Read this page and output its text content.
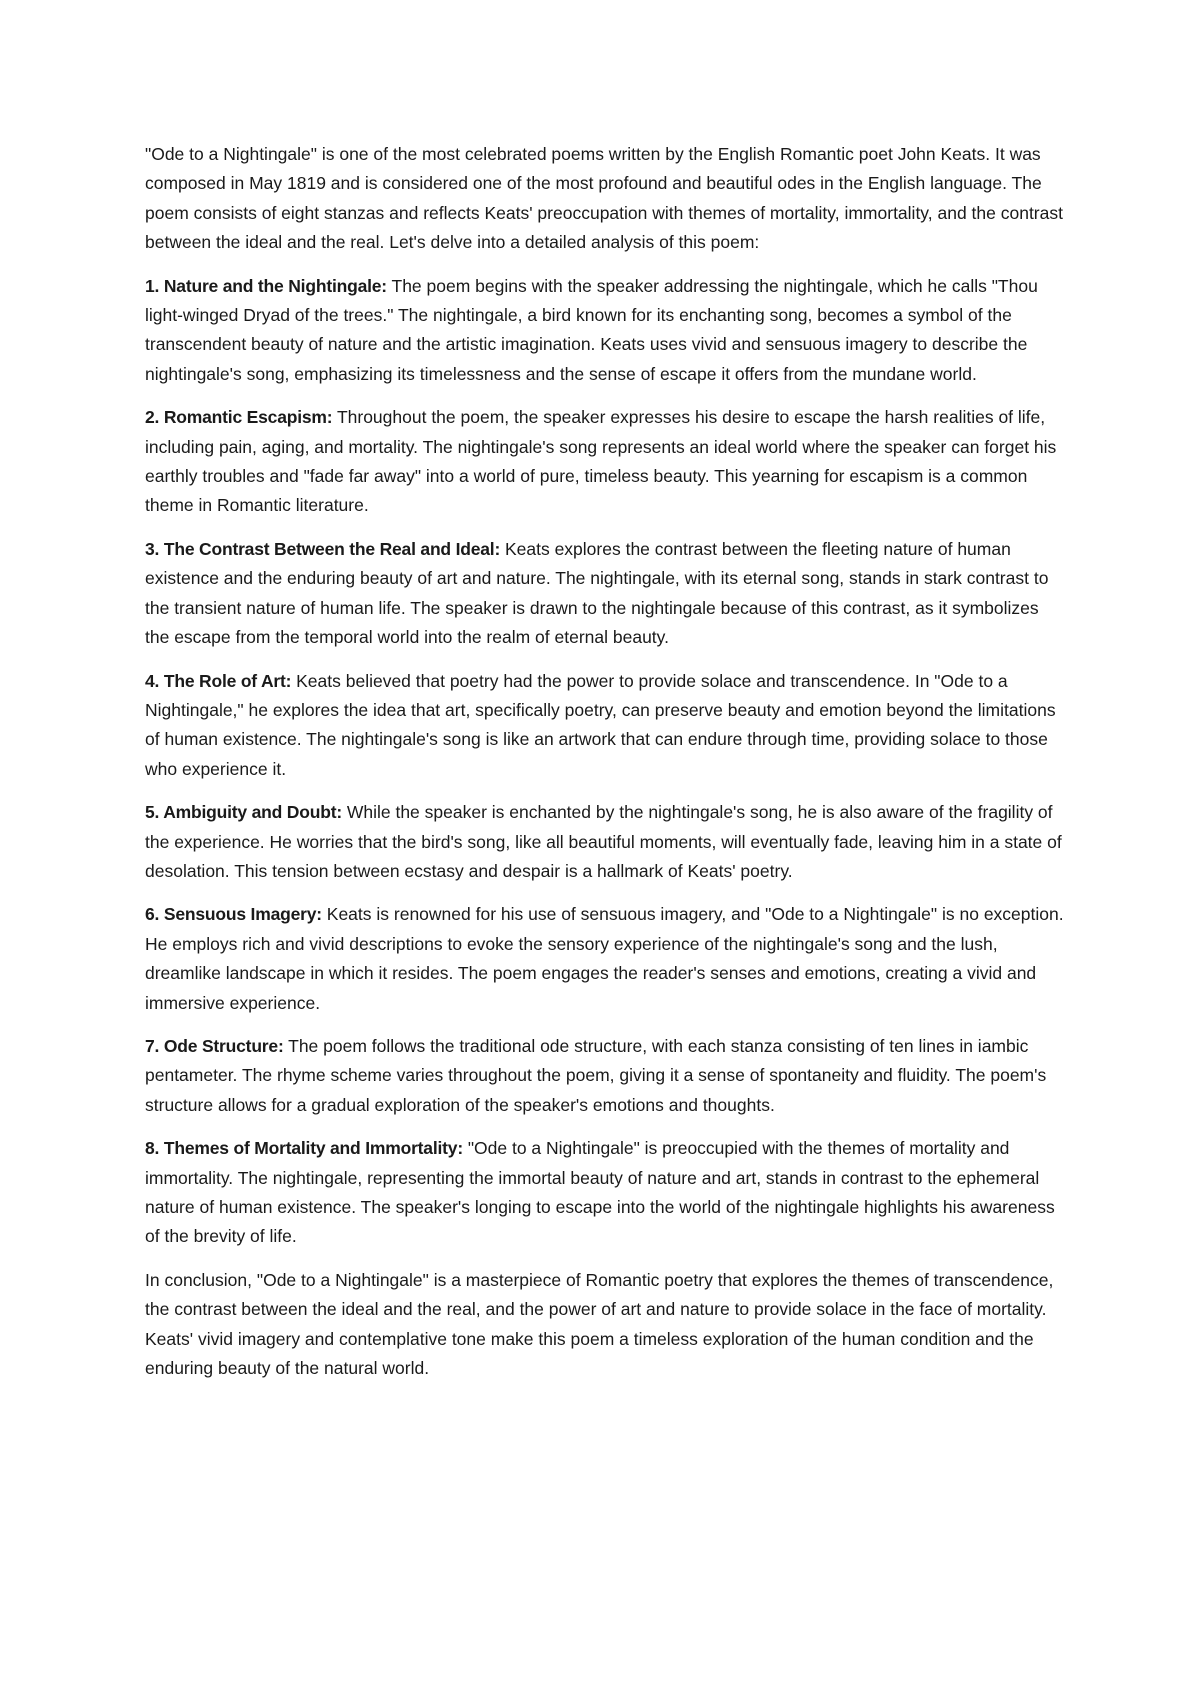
"Ode to a Nightingale" is one of the most celebrated poems written by the English Romantic poet John Keats. It was composed in May 1819 and is considered one of the most profound and beautiful odes in the English language. The poem consists of eight stanzas and reflects Keats' preoccupation with themes of mortality, immortality, and the contrast between the ideal and the real. Let's delve into a detailed analysis of this poem:

1. Nature and the Nightingale: The poem begins with the speaker addressing the nightingale, which he calls "Thou light-winged Dryad of the trees." The nightingale, a bird known for its enchanting song, becomes a symbol of the transcendent beauty of nature and the artistic imagination. Keats uses vivid and sensuous imagery to describe the nightingale's song, emphasizing its timelessness and the sense of escape it offers from the mundane world.

2. Romantic Escapism: Throughout the poem, the speaker expresses his desire to escape the harsh realities of life, including pain, aging, and mortality. The nightingale's song represents an ideal world where the speaker can forget his earthly troubles and "fade far away" into a world of pure, timeless beauty. This yearning for escapism is a common theme in Romantic literature.

3. The Contrast Between the Real and Ideal: Keats explores the contrast between the fleeting nature of human existence and the enduring beauty of art and nature. The nightingale, with its eternal song, stands in stark contrast to the transient nature of human life. The speaker is drawn to the nightingale because of this contrast, as it symbolizes the escape from the temporal world into the realm of eternal beauty.

4. The Role of Art: Keats believed that poetry had the power to provide solace and transcendence. In "Ode to a Nightingale," he explores the idea that art, specifically poetry, can preserve beauty and emotion beyond the limitations of human existence. The nightingale's song is like an artwork that can endure through time, providing solace to those who experience it.

5. Ambiguity and Doubt: While the speaker is enchanted by the nightingale's song, he is also aware of the fragility of the experience. He worries that the bird's song, like all beautiful moments, will eventually fade, leaving him in a state of desolation. This tension between ecstasy and despair is a hallmark of Keats' poetry.

6. Sensuous Imagery: Keats is renowned for his use of sensuous imagery, and "Ode to a Nightingale" is no exception. He employs rich and vivid descriptions to evoke the sensory experience of the nightingale's song and the lush, dreamlike landscape in which it resides. The poem engages the reader's senses and emotions, creating a vivid and immersive experience.

7. Ode Structure: The poem follows the traditional ode structure, with each stanza consisting of ten lines in iambic pentameter. The rhyme scheme varies throughout the poem, giving it a sense of spontaneity and fluidity. The poem's structure allows for a gradual exploration of the speaker's emotions and thoughts.

8. Themes of Mortality and Immortality: "Ode to a Nightingale" is preoccupied with the themes of mortality and immortality. The nightingale, representing the immortal beauty of nature and art, stands in contrast to the ephemeral nature of human existence. The speaker's longing to escape into the world of the nightingale highlights his awareness of the brevity of life.

In conclusion, "Ode to a Nightingale" is a masterpiece of Romantic poetry that explores the themes of transcendence, the contrast between the ideal and the real, and the power of art and nature to provide solace in the face of mortality. Keats' vivid imagery and contemplative tone make this poem a timeless exploration of the human condition and the enduring beauty of the natural world.
